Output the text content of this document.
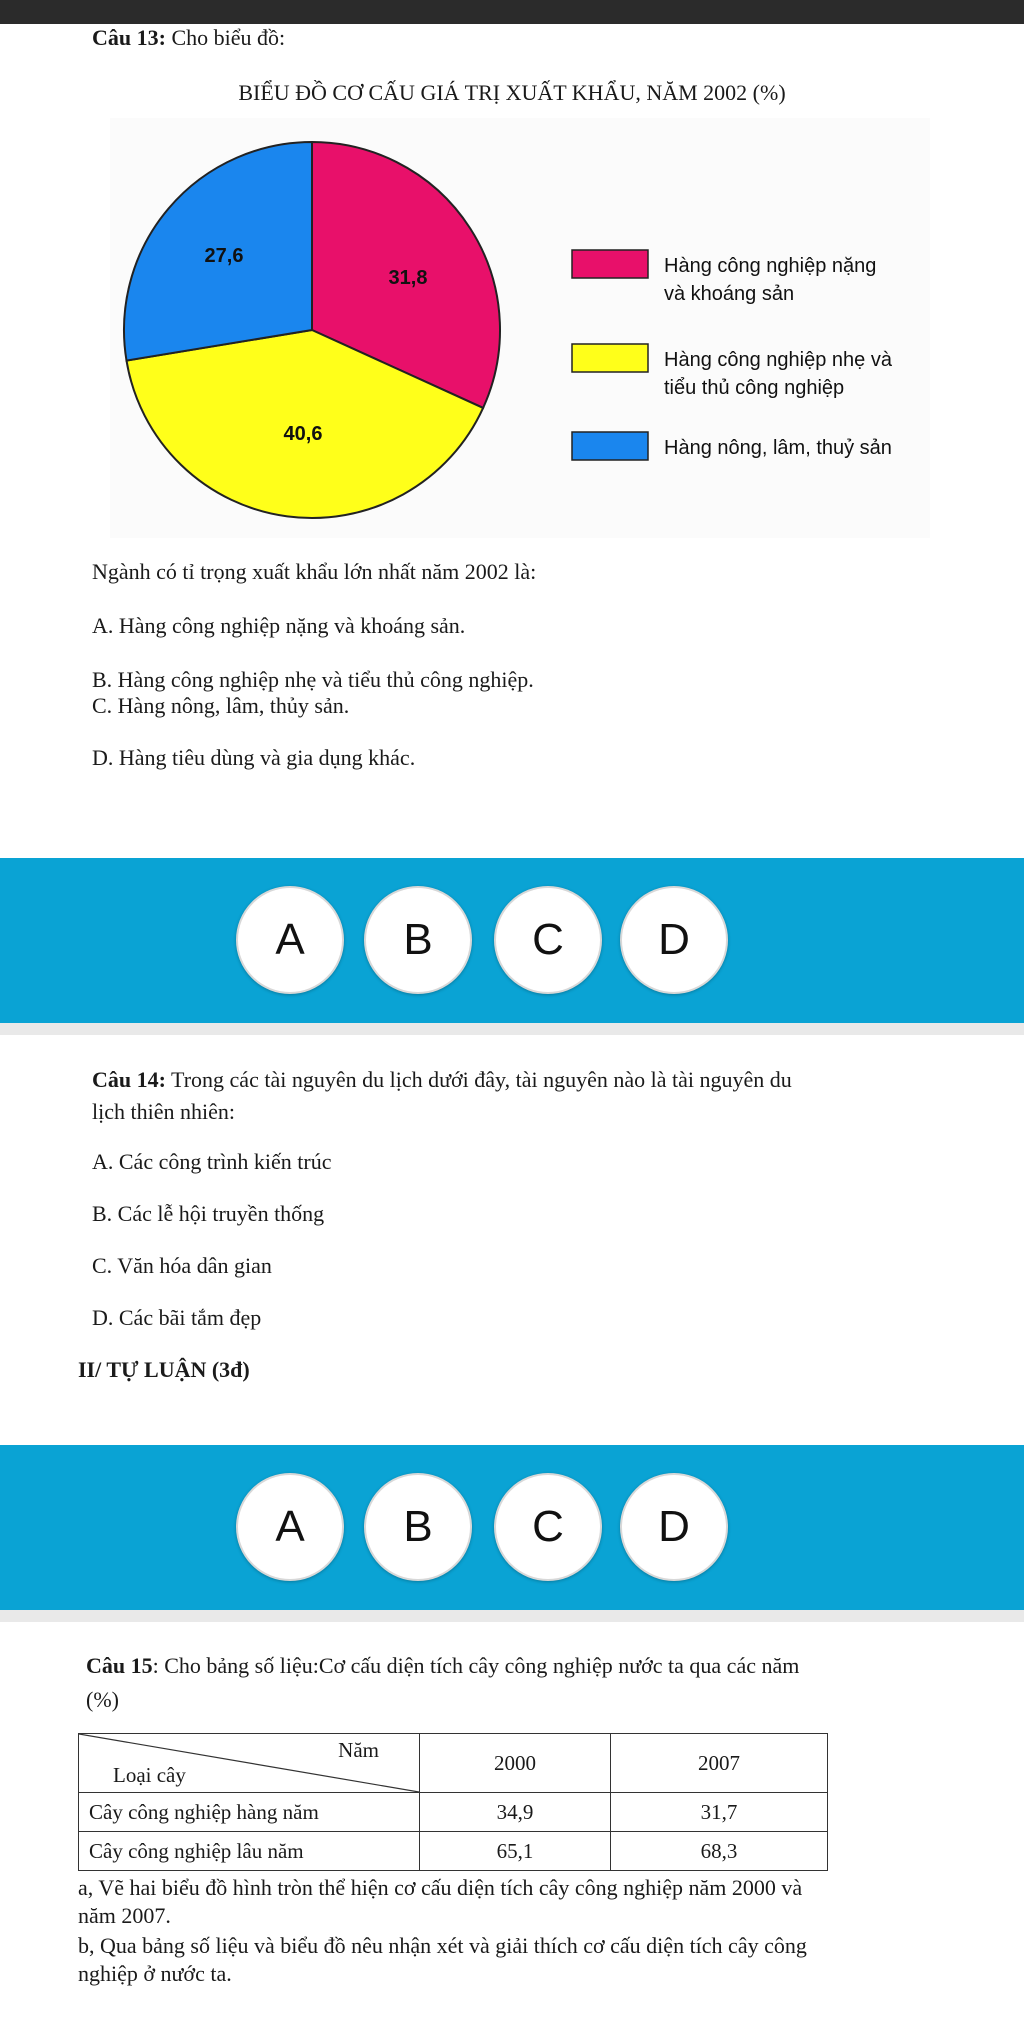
Câu 13: Cho biểu đồ:
BIỂU ĐỒ CƠ CẤU GIÁ TRỊ XUẤT KHẨU, NĂM 2002 (%)
31,8
40,6
27,6	Hàng công nghiệp nặng
và khoáng sản
Hàng công nghiệp nhẹ và
tiểu thủ công nghiệp
Hàng nông, lâm, thuỷ sản
Ngành có tỉ trọng xuất khẩu lớn nhất năm 2002 là:
A. Hàng công nghiệp nặng và khoáng sản.
B. Hàng công nghiệp nhẹ và tiểu thủ công nghiệp.
C. Hàng nông, lâm, thủy sản.
D. Hàng tiêu dùng và gia dụng khác.
A	B	C	D
Câu 14: Trong các tài nguyên du lịch dưới đây, tài nguyên nào là tài nguyên du
lịch thiên nhiên:
A. Các công trình kiến trúc
B. Các lễ hội truyền thống
C. Văn hóa dân gian
D. Các bãi tắm đẹp
II/ TỰ LUẬN (3đ)
A	B	C	D
Câu 15: Cho bảng số liệu:Cơ cấu diện tích cây công nghiệp nước ta qua các năm
(%)
Năm
Loại cây	2000	2007
Cây công nghiệp hàng năm	34,9	31,7
Cây công nghiệp lâu năm	65,1	68,3
a, Vẽ hai biểu đồ hình tròn thể hiện cơ cấu diện tích cây công nghiệp năm 2000 và
năm 2007.
b, Qua bảng số liệu và biểu đồ nêu nhận xét và giải thích cơ cấu diện tích cây công
nghiệp ở nước ta.
